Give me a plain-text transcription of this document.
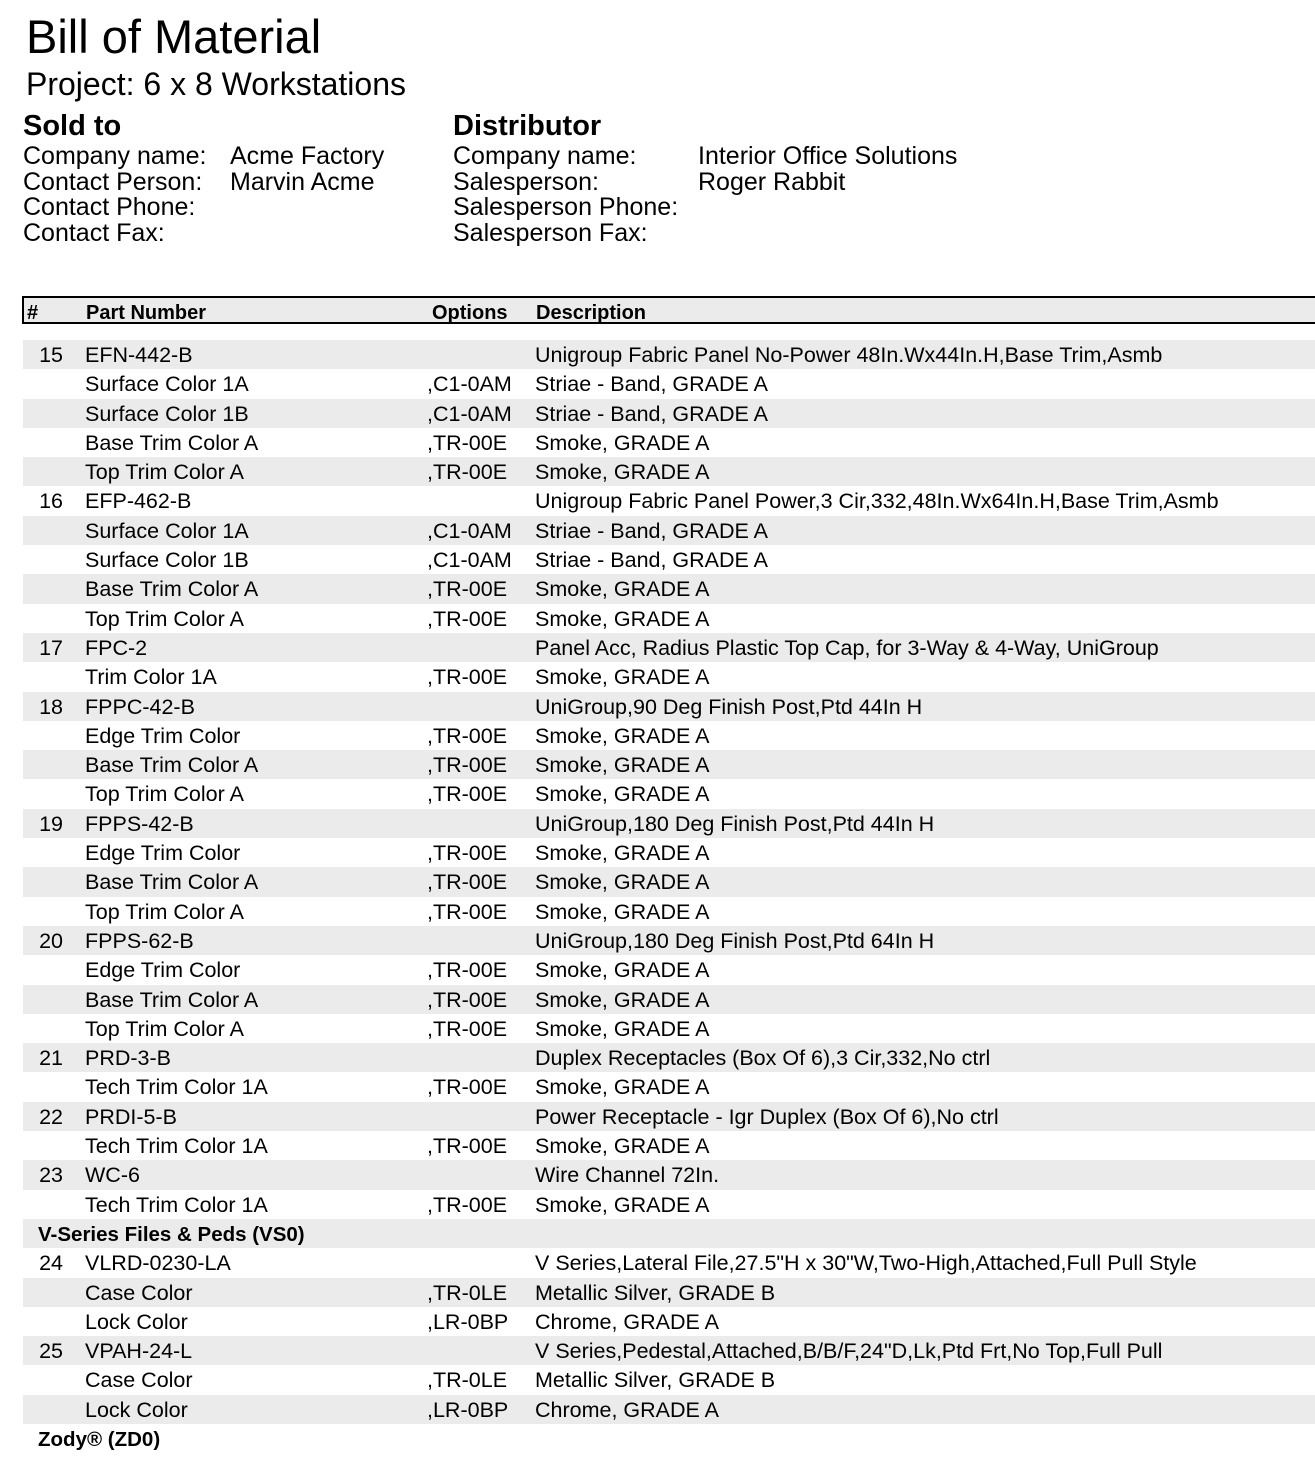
Bill of Material
Project: 6 x 8 Workstations
Sold to
Company name: Acme Factory
Contact Person:	Marvin Acme
Contact Phone:
Contact Fax:
Distributor
Company name:	Interior Office Solutions
Salesperson:	Roger Rabbit
Salesperson Phone:
Salesperson Fax:
# Part Number	Options Description
15 EFN-442-B	Unigroup Fabric Panel No-Power 48In.Wx44In.H,Base Trim,Asmb
Surface Color 1A	,C1-0AM Striae - Band, GRADE A
Surface Color 1B	,C1-0AM Striae - Band, GRADE A
Base Trim Color A	,TR-00E Smoke, GRADE A
Top Trim Color A	,TR-00E Smoke, GRADE A
16 EFP-462-B	Unigroup Fabric Panel Power,3 Cir,332,48In.Wx64In.H,Base Trim,Asmb
Surface Color 1A	,C1-0AM Striae - Band, GRADE A
Surface Color 1B	,C1-0AM Striae - Band, GRADE A
Base Trim Color A	,TR-00E Smoke, GRADE A
Top Trim Color A	,TR-00E Smoke, GRADE A
17 FPC-2	Panel Acc, Radius Plastic Top Cap, for 3-Way & 4-Way, UniGroup
Trim Color 1A	,TR-00E Smoke, GRADE A
18 FPPC-42-B	UniGroup,90 Deg Finish Post,Ptd 44In H
Edge Trim Color	,TR-00E Smoke, GRADE A
Base Trim Color A	,TR-00E Smoke, GRADE A
Top Trim Color A	,TR-00E Smoke, GRADE A
19 FPPS-42-B	UniGroup,180 Deg Finish Post,Ptd 44In H
Edge Trim Color	,TR-00E Smoke, GRADE A
Base Trim Color A	,TR-00E Smoke, GRADE A
Top Trim Color A	,TR-00E Smoke, GRADE A
20 FPPS-62-B	UniGroup,180 Deg Finish Post,Ptd 64In H
Edge Trim Color	,TR-00E Smoke, GRADE A
Base Trim Color A	,TR-00E Smoke, GRADE A
Top Trim Color A	,TR-00E Smoke, GRADE A
21 PRD-3-B	Duplex Receptacles (Box Of 6),3 Cir,332,No ctrl
Tech Trim Color 1A	,TR-00E Smoke, GRADE A
22 PRDI-5-B	Power Receptacle - Igr Duplex (Box Of 6),No ctrl
Tech Trim Color 1A	,TR-00E Smoke, GRADE A
23 WC-6	Wire Channel 72In.
Tech Trim Color 1A	,TR-00E Smoke, GRADE A
V-Series Files & Peds (VS0)
24 VLRD-0230-LA	V Series,Lateral File,27.5"H x 30"W,Two-High,Attached,Full Pull Style
Case Color	,TR-0LE Metallic Silver, GRADE B
Lock Color	,LR-0BP Chrome, GRADE A
25 VPAH-24-L	V Series,Pedestal,Attached,B/B/F,24"D,Lk,Ptd Frt,No Top,Full Pull
Case Color	,TR-0LE Metallic Silver, GRADE B
Lock Color	,LR-0BP Chrome, GRADE A
Zody® (ZD0)
